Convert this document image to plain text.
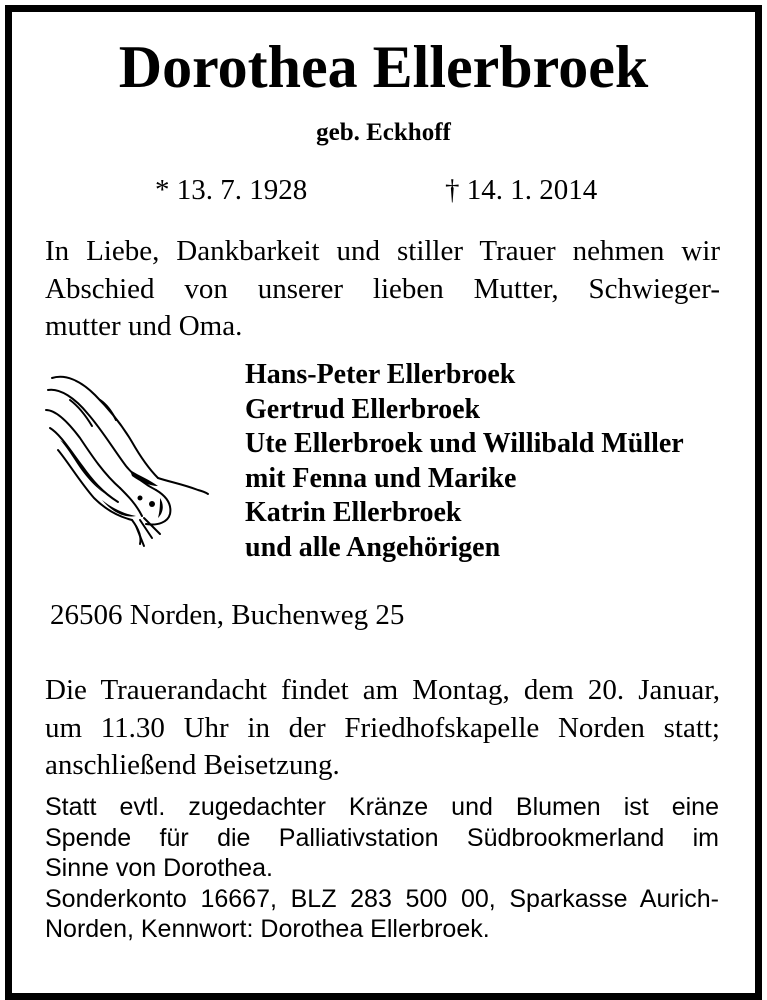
Dorothea Ellerbroek
geb. Eckhoff
* 13. 7. 1928	† 14. 1. 2014
In Liebe, Dankbarkeit und stiller Trauer nehmen wir
Abschied von unserer lieben Mutter, Schwieger-
mutter und Oma.
Hans-Peter Ellerbroek
Gertrud Ellerbroek
Ute Ellerbroek und Willibald Müller
mit Fenna und Marike
Katrin Ellerbroek
und alle Angehörigen
26506 Norden, Buchenweg 25
Die Trauerandacht findet am Montag, dem 20. Januar,
um 11.30 Uhr in der Friedhofskapelle Norden statt;
anschließend Beisetzung.
Statt evtl. zugedachter Kränze und Blumen ist eine
Spende für die Palliativstation Südbrookmerland im
Sinne von Dorothea.
Sonderkonto 16667, BLZ 283 500 00, Sparkasse Aurich-
Norden, Kennwort: Dorothea Ellerbroek.
